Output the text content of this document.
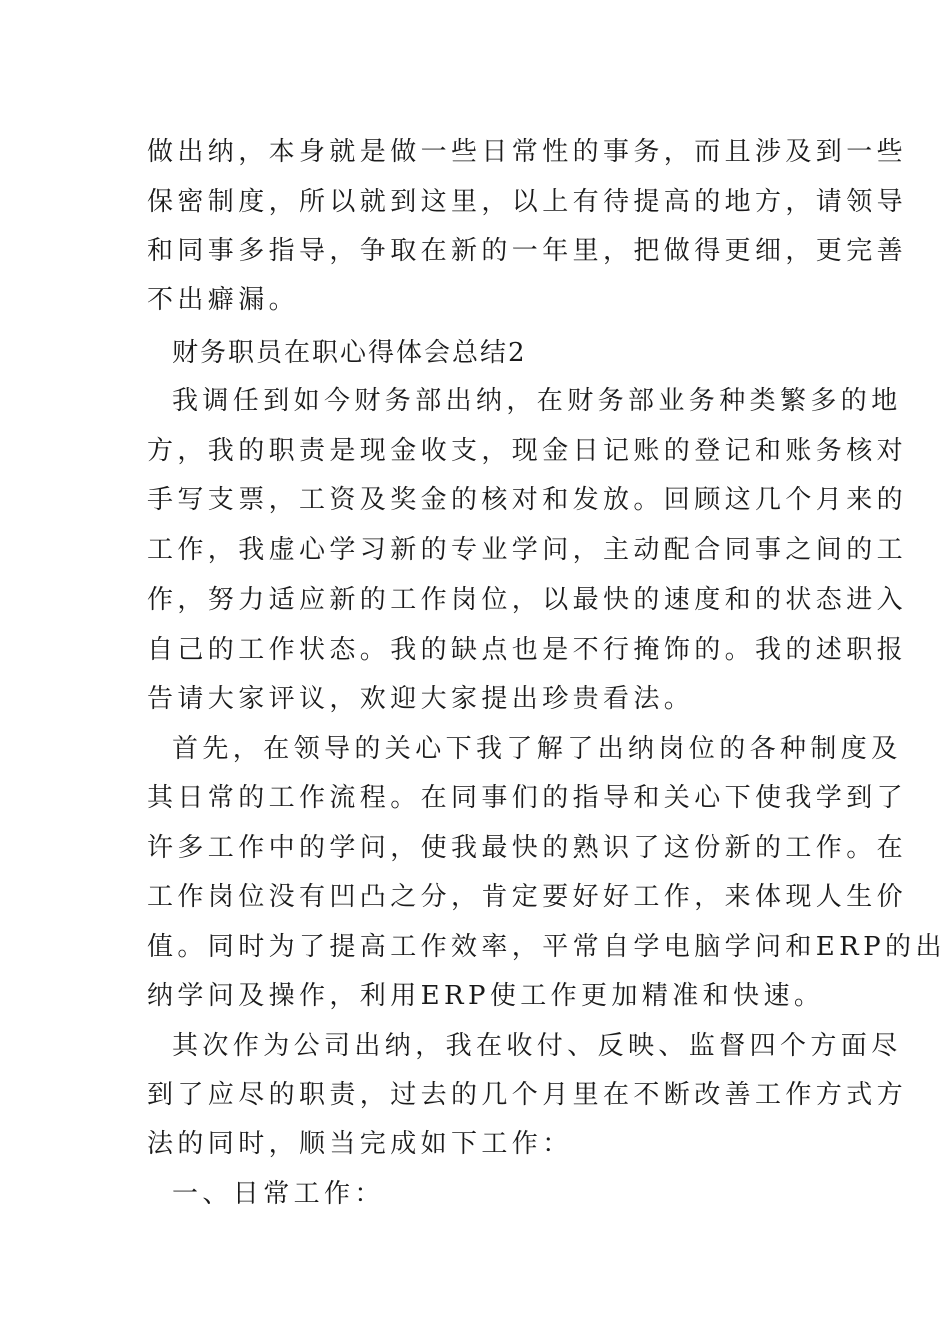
做出纳，本身就是做一些日常性的事务，而且涉及到一些
保密制度，所以就到这里，以上有待提高的地方，请领导
和同事多指导，争取在新的一年里，把做得更细，更完善
不出癖漏。
财务职员在职心得体会总结2
我调任到如今财务部出纳，在财务部业务种类繁多的地
方，我的职责是现金收支，现金日记账的登记和账务核对
手写支票，工资及奖金的核对和发放。回顾这几个月来的
工作，我虚心学习新的专业学问，主动配合同事之间的工
作，努力适应新的工作岗位，以最快的速度和的状态进入
自己的工作状态。我的缺点也是不行掩饰的。我的述职报
告请大家评议，欢迎大家提出珍贵看法。
首先，在领导的关心下我了解了出纳岗位的各种制度及
其日常的工作流程。在同事们的指导和关心下使我学到了
许多工作中的学问，使我最快的熟识了这份新的工作。在
工作岗位没有凹凸之分，肯定要好好工作，来体现人生价
值。同时为了提高工作效率，平常自学电脑学问和ERP的出
纳学问及操作，利用ERP使工作更加精准和快速。
其次作为公司出纳，我在收付、反映、监督四个方面尽
到了应尽的职责，过去的几个月里在不断改善工作方式方
法的同时，顺当完成如下工作：
一、日常工作：
